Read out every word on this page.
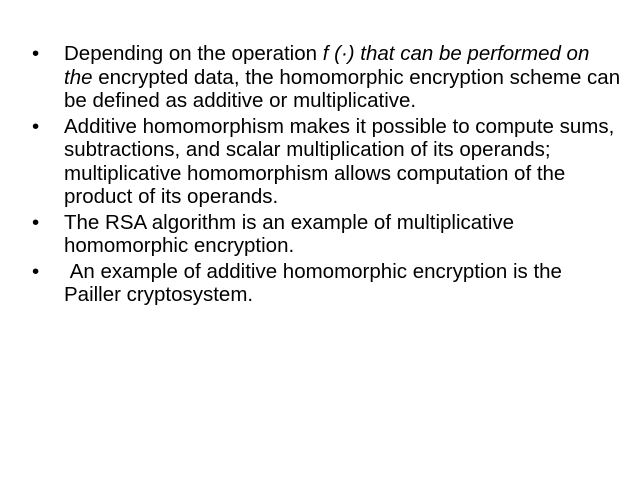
•	Depending on the operation f (·) that can be performed on the encrypted data, the homomorphic encryption scheme can be defined as additive or multiplicative.
•	Additive homomorphism makes it possible to compute sums, subtractions, and scalar multiplication of its operands; multiplicative homomorphism allows computation of the product of its operands.
•	The RSA algorithm is an example of multiplicative homomorphic encryption.
•	An example of additive homomorphic encryption is the Pailler cryptosystem.
